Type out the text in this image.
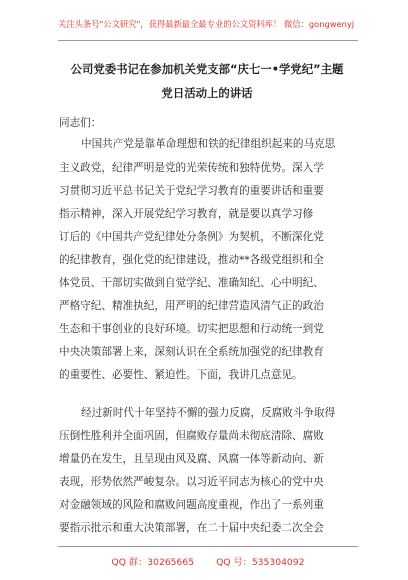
关注头条号"公文研究"，获得最新最全最专业的公文资料库！ 微信：gongwenyj
公司党委书记在参加机关党支部“庆七一•学党纪”主题
党日活动上的讲话
同志们：
中国共产党是靠革命理想和铁的纪律组织起来的马克思
主义政党，纪律严明是党的光荣传统和独特优势。深入学
习贯彻习近平总书记关于党纪学习教育的重要讲话和重要
指示精神，深入开展党纪学习教育，就是要以真学习修
订后的《中国共产党纪律处分条例》为契机，不断深化党
的纪律教育，强化党的纪律建设，推动**各级党组织和全
体党员、干部切实做到自觉学纪、准确知纪、心中明纪、
严格守纪、精准执纪，用严明的纪律营造风清气正的政治
生态和干事创业的良好环境。切实把思想和行动统一到党
中央决策部署上来，深刻认识在全系统加强党的纪律教育
的重要性、必要性、紧迫性。下面，我讲几点意见。
经过新时代十年坚持不懈的强力反腐，反腐败斗争取得
压倒性胜利并全面巩固，但腐败存量尚未彻底清除、腐败
增量仍在发生，且呈现由风及腐、风腐一体等新动向、新
表现，形势依然严峻复杂。以习近平同志为核心的党中央
对金融领域的风险和腐败问题高度重视，作出了一系列重
要指示批示和重大决策部署，在二十届中央纪委二次全会
QQ 群：30265665 QQ 号：535304092
